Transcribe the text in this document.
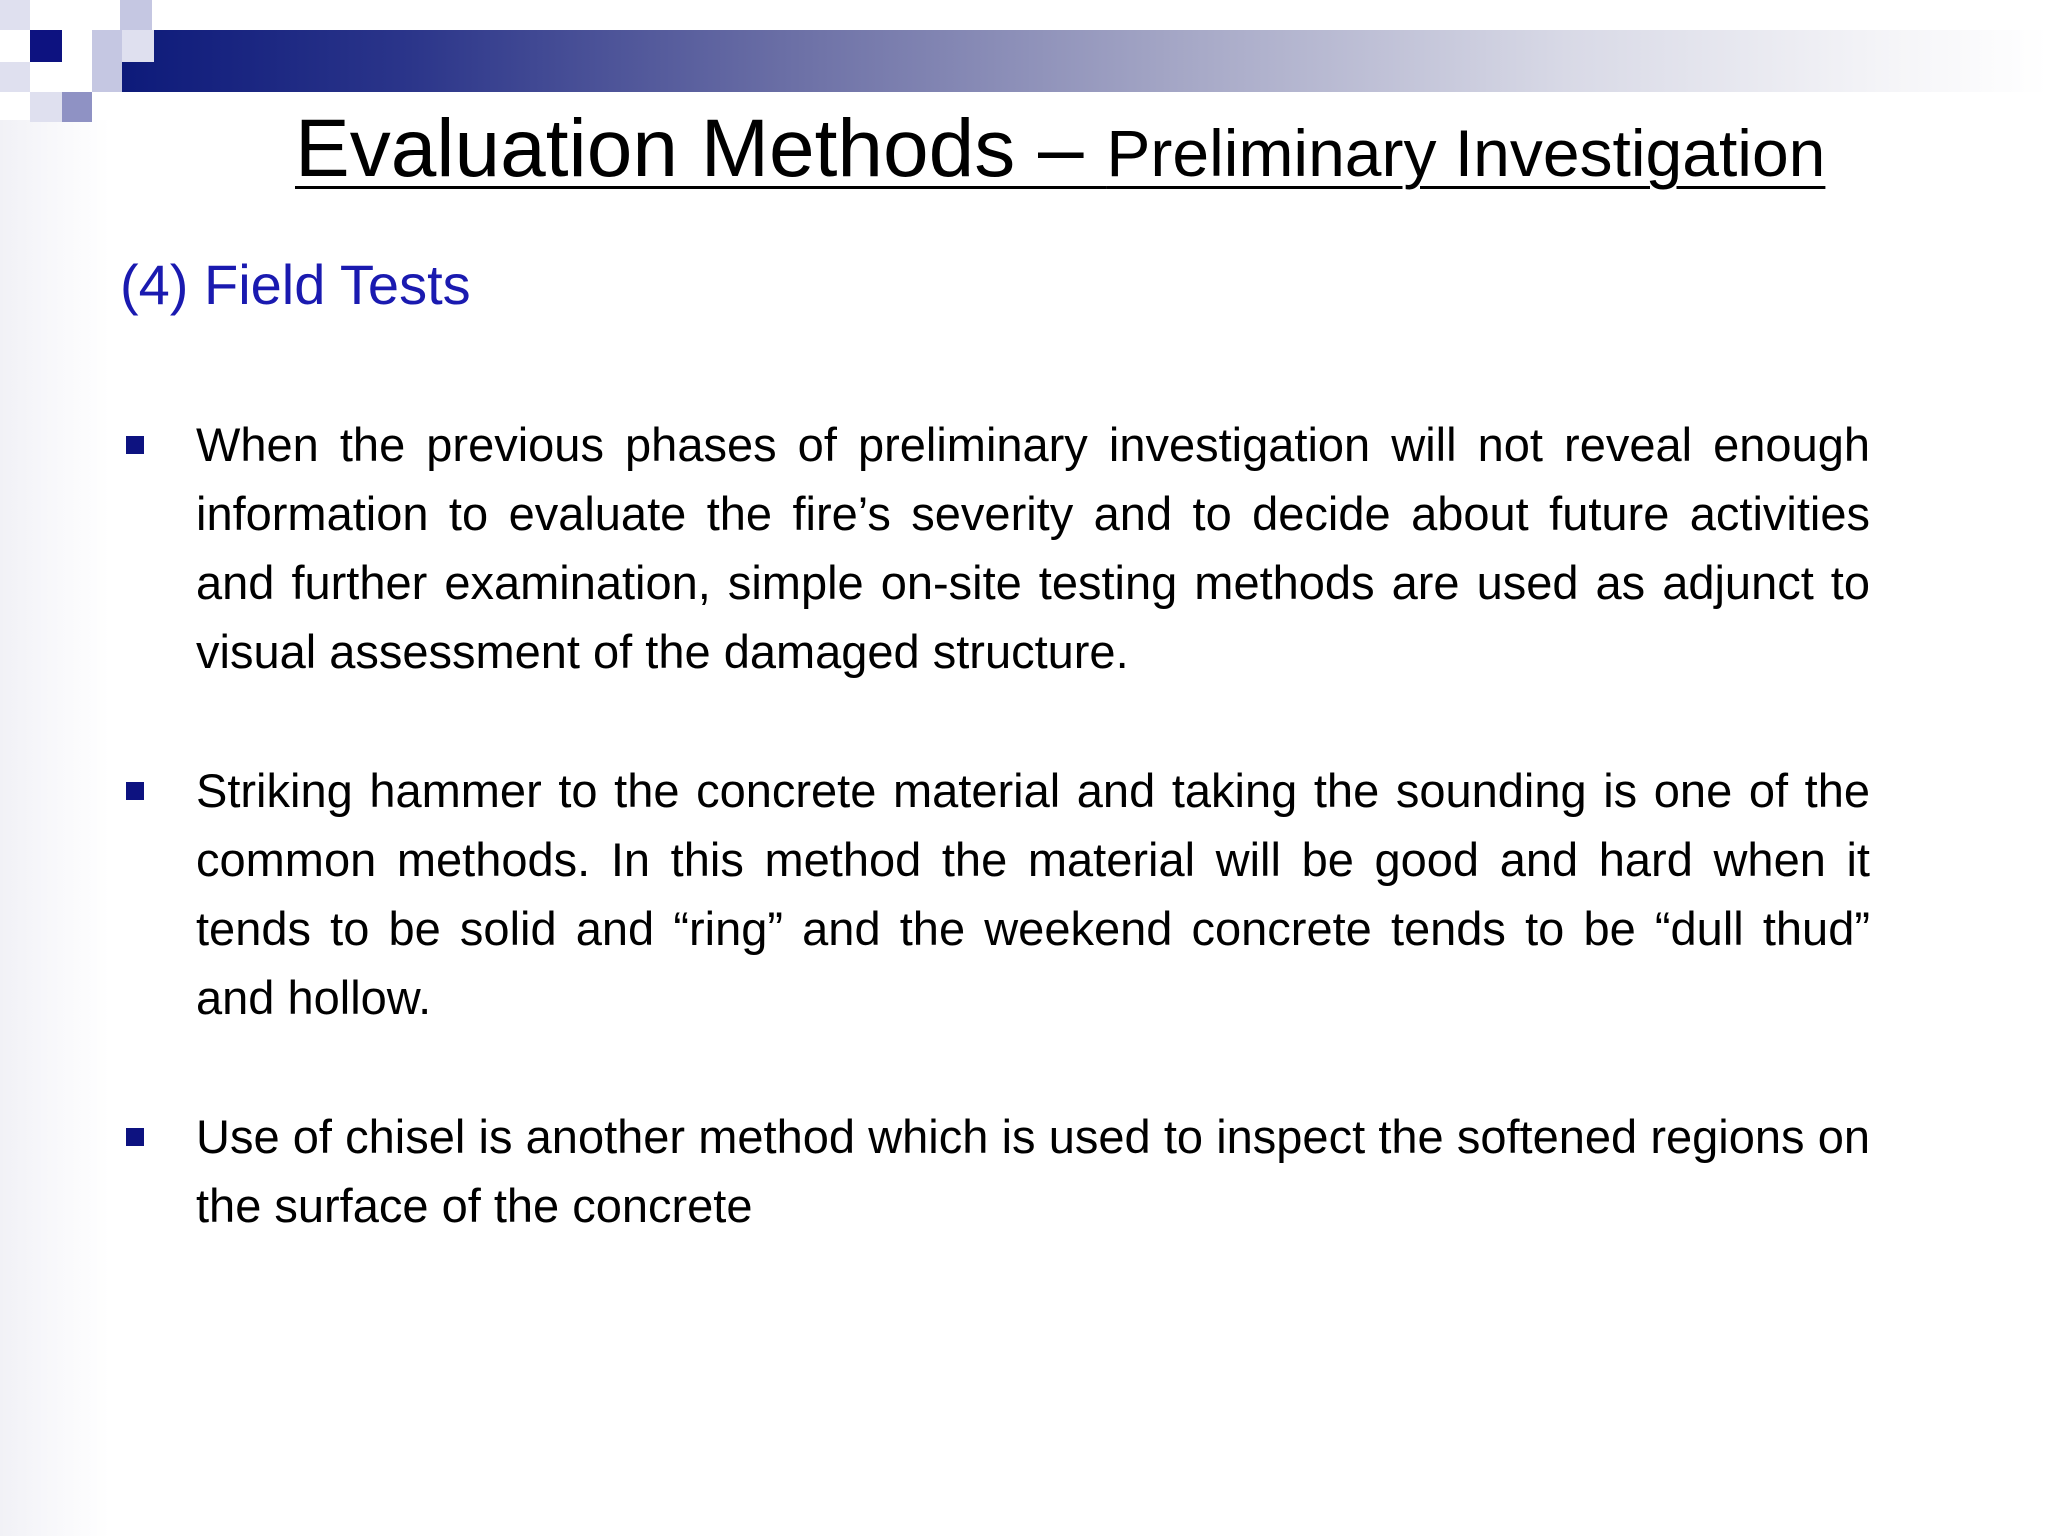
Evaluation Methods – Preliminary Investigation
(4) Field Tests
When the previous phases of preliminary investigation will not reveal enough information to evaluate the fire’s severity and to decide about future activities and further examination, simple on-site testing methods are used as adjunct to visual assessment of the damaged structure.
Striking hammer to the concrete material and taking the sounding is one of the common methods. In this method the material will be good and hard when it tends to be solid and “ring” and the weekend concrete tends to be “dull thud” and hollow.
Use of chisel is another method which is used to inspect the softened regions on the surface of the concrete
